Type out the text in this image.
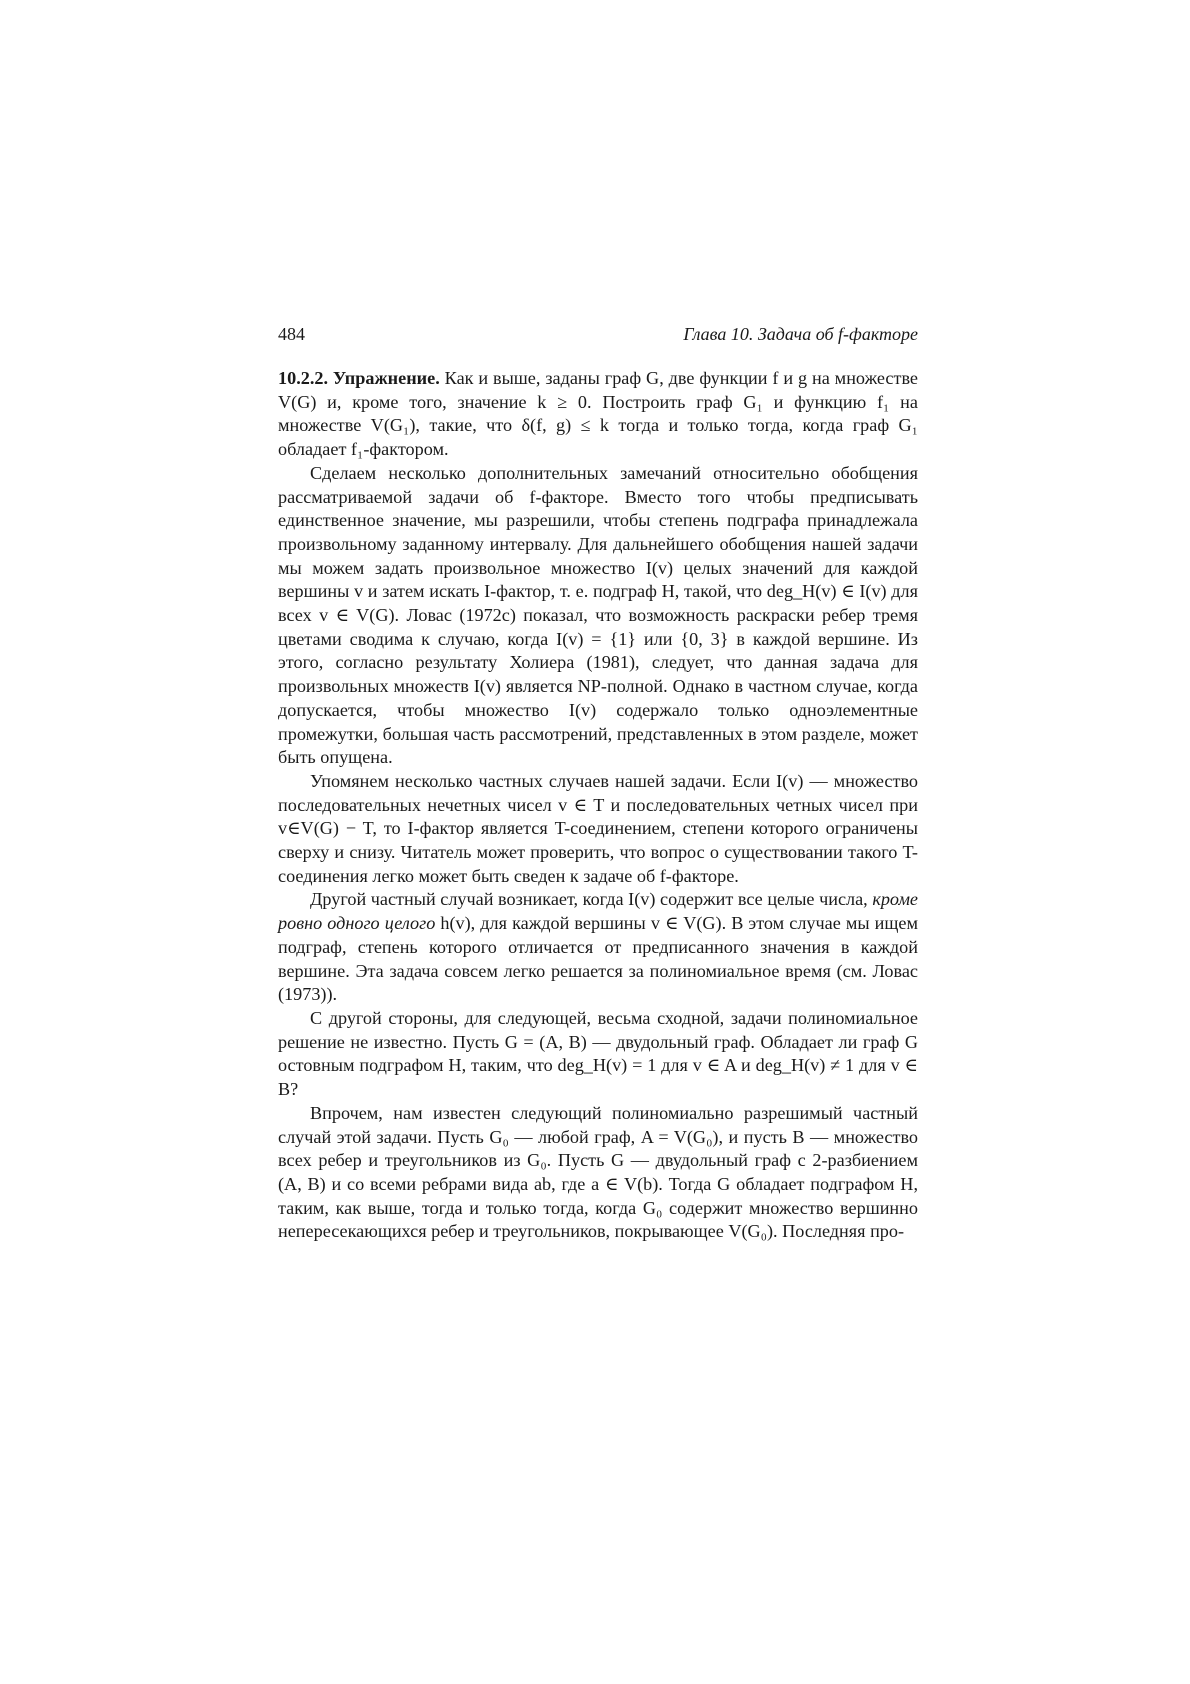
484	Глава 10. Задача об f-факторе

10.2.2. Упражнение. Как и выше, заданы граф G, две функции f и g на множестве V(G) и, кроме того, значение k ≥ 0. Построить граф G₁ и функцию f₁ на множестве V(G₁), такие, что δ(f, g) ≤ k тогда и только тогда, когда граф G₁ обладает f₁-фактором.

Сделаем несколько дополнительных замечаний относительно обобщения рассматриваемой задачи об f-факторе. Вместо того чтобы предписывать единственное значение, мы разрешили, чтобы степень подграфа принадлежала произвольному заданному интервалу. Для дальнейшего обобщения нашей задачи мы можем задать произвольное множество I(v) целых значений для каждой вершины v и затем искать I-фактор, т. е. подграф H, такой, что deg_H(v) ∈ I(v) для всех v ∈ V(G). Ловас (1972с) показал, что возможность раскраски ребер тремя цветами сводима к случаю, когда I(v) = {1} или {0, 3} в каждой вершине. Из этого, согласно результату Холиера (1981), следует, что данная задача для произвольных множеств I(v) является NP-полной. Однако в частном случае, когда допускается, чтобы множество I(v) содержало только одноэлементные промежутки, большая часть рассмотрений, представленных в этом разделе, может быть опущена.

Упомянем несколько частных случаев нашей задачи. Если I(v) — множество последовательных нечетных чисел v ∈ T и последовательных четных чисел при v∈V(G) − T, то I-фактор является T-соединением, степени которого ограничены сверху и снизу. Читатель может проверить, что вопрос о существовании такого T-соединения легко может быть сведен к задаче об f-факторе.

Другой частный случай возникает, когда I(v) содержит все целые числа, кроме ровно одного целого h(v), для каждой вершины v ∈ V(G). В этом случае мы ищем подграф, степень которого отличается от предписанного значения в каждой вершине. Эта задача совсем легко решается за полиномиальное время (см. Ловас (1973)).

С другой стороны, для следующей, весьма сходной, задачи полиномиальное решение не известно. Пусть G = (A, B) — двудольный граф. Обладает ли граф G остовным подграфом H, таким, что deg_H(v) = 1 для v ∈ A и deg_H(v) ≠ 1 для v ∈ B?

Впрочем, нам известен следующий полиномиально разрешимый частный случай этой задачи. Пусть G₀ — любой граф, A = V(G₀), и пусть B — множество всех ребер и треугольников из G₀. Пусть G — двудольный граф с 2-разбиением (A, B) и со всеми ребрами вида ab, где a ∈ V(b). Тогда G обладает подграфом H, таким, как выше, тогда и только тогда, когда G₀ содержит множество вершинно непересекающихся ребер и треугольников, покрывающее V(G₀). Последняя про-
